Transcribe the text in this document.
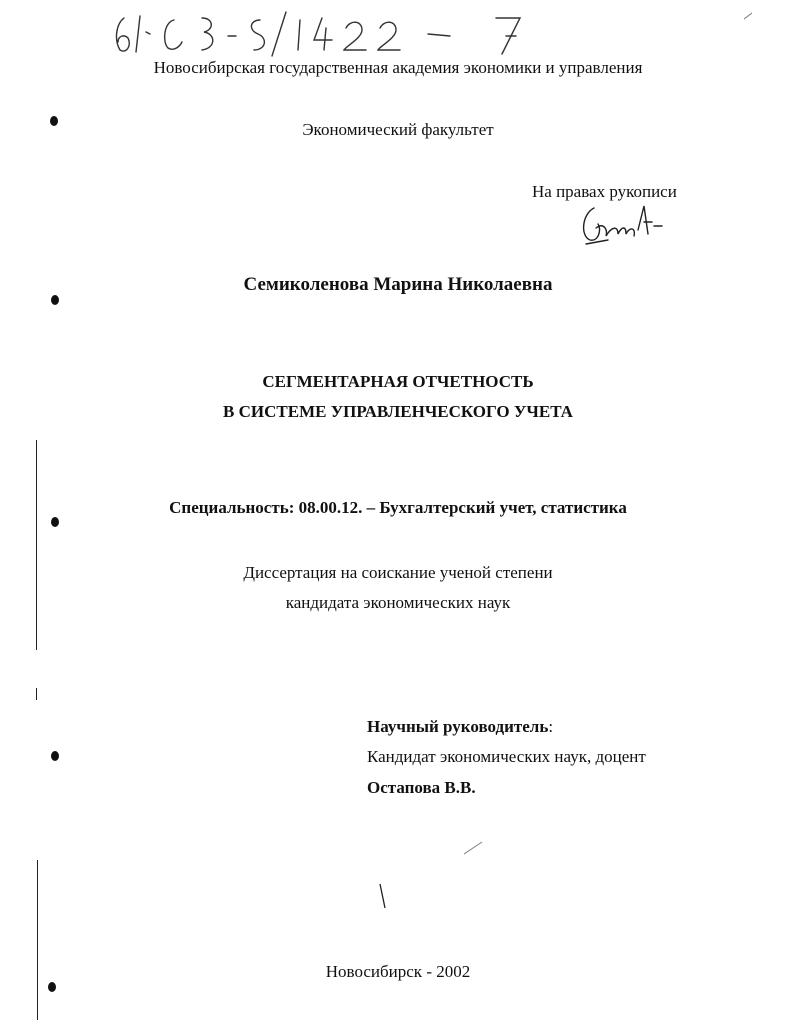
Новосибирская государственная академия экономики и управления
Экономический факультет
На правах рукописи
Семиколенова Марина Николаевна
СЕГМЕНТАРНАЯ ОТЧЕТНОСТЬ
В СИСТЕМЕ УПРАВЛЕНЧЕСКОГО УЧЕТА
Специальность: 08.00.12. – Бухгалтерский учет, статистика
Диссертация на соискание ученой степени
кандидата экономических наук
Научный руководитель:
Кандидат экономических наук, доцент
Остапова В.В.
Новосибирск - 2002
